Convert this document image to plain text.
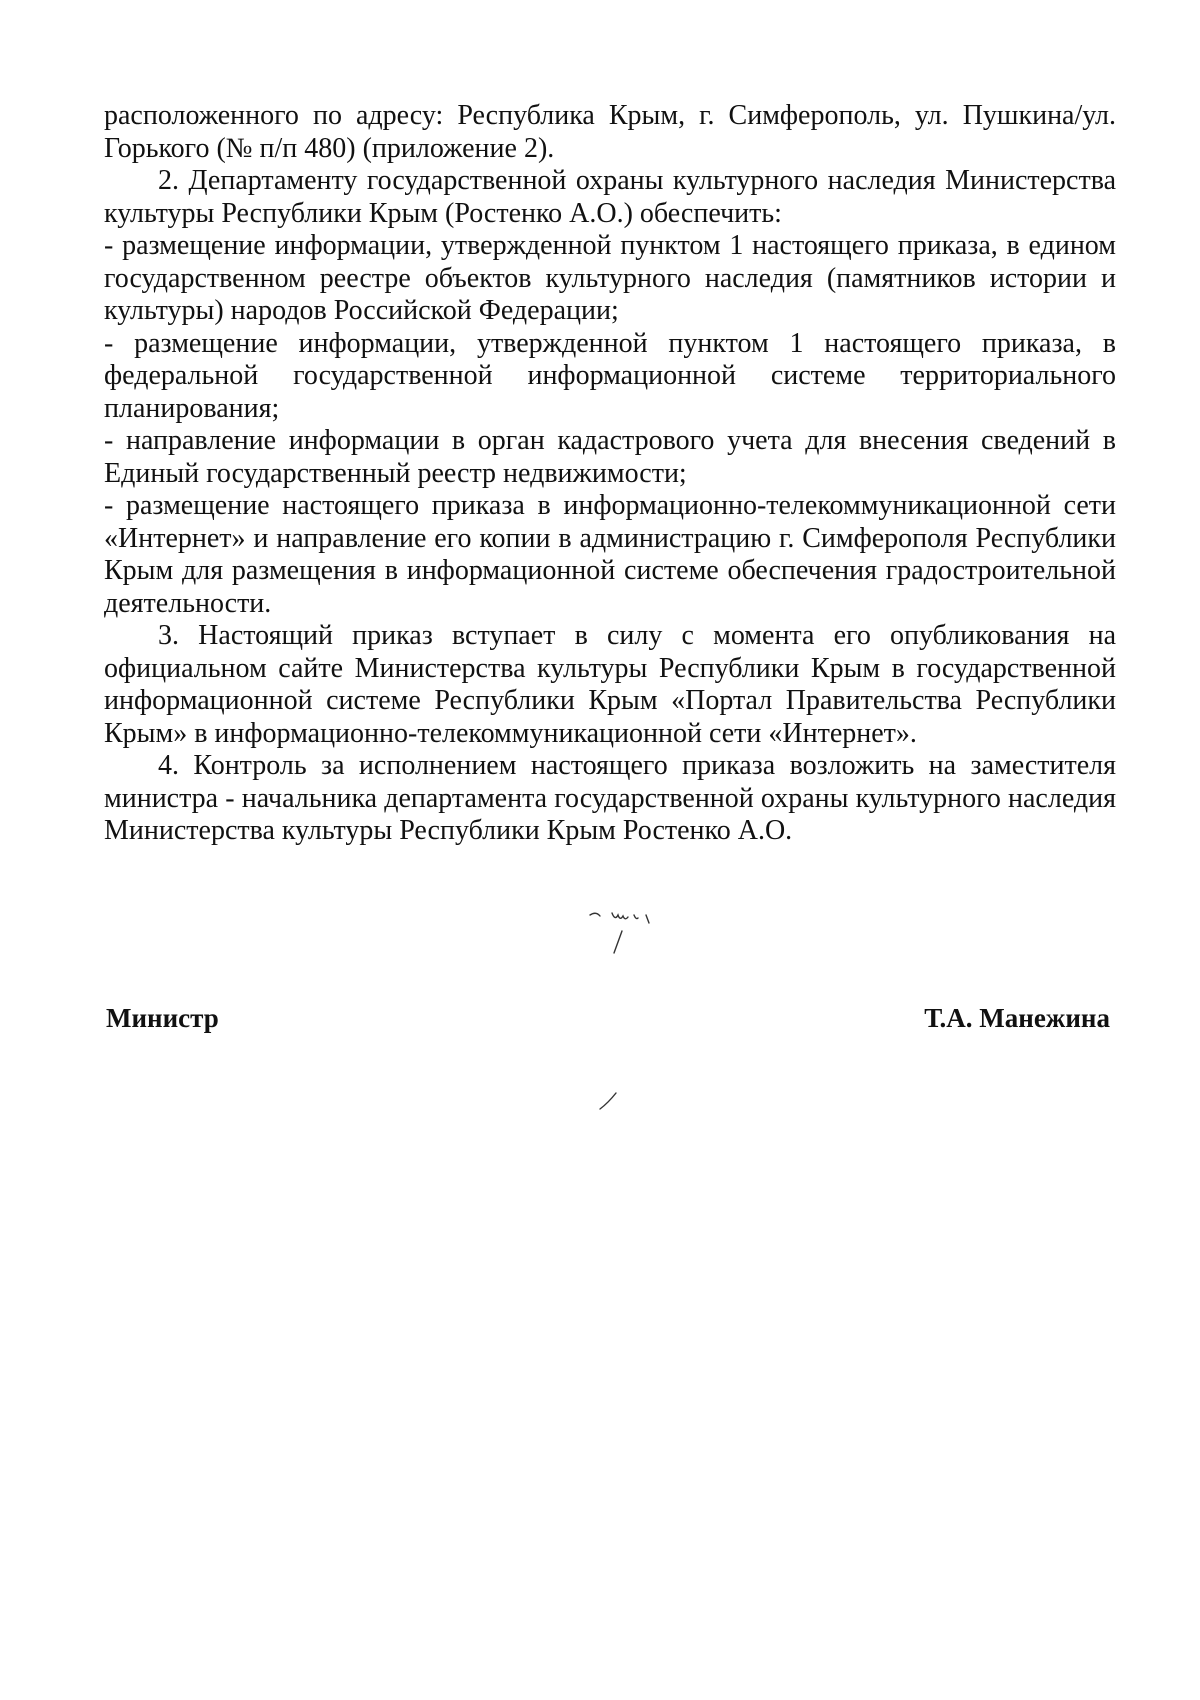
расположенного по адресу: Республика Крым, г. Симферополь, ул. Пушкина/ул. Горького (№ п/п 480) (приложение 2).

2. Департаменту государственной охраны культурного наследия Министерства культуры Республики Крым (Ростенко А.О.) обеспечить:

- размещение информации, утвержденной пунктом 1 настоящего приказа, в едином государственном реестре объектов культурного наследия (памятников истории и культуры) народов Российской Федерации;

- размещение информации, утвержденной пунктом 1 настоящего приказа, в федеральной государственной информационной системе территориального планирования;

- направление информации в орган кадастрового учета для внесения сведений в Единый государственный реестр недвижимости;

- размещение настоящего приказа в информационно-телекоммуникационной сети «Интернет» и направление его копии в администрацию г. Симферополя Республики Крым для размещения в информационной системе обеспечения градостроительной деятельности.

3. Настоящий приказ вступает в силу с момента его опубликования на официальном сайте Министерства культуры Республики Крым в государственной информационной системе Республики Крым «Портал Правительства Республики Крым» в информационно-телекоммуникационной сети «Интернет».

4. Контроль за исполнением настоящего приказа возложить на заместителя министра - начальника департамента государственной охраны культурного наследия Министерства культуры Республики Крым Ростенко А.О.

Министр	Т.А. Манежина
